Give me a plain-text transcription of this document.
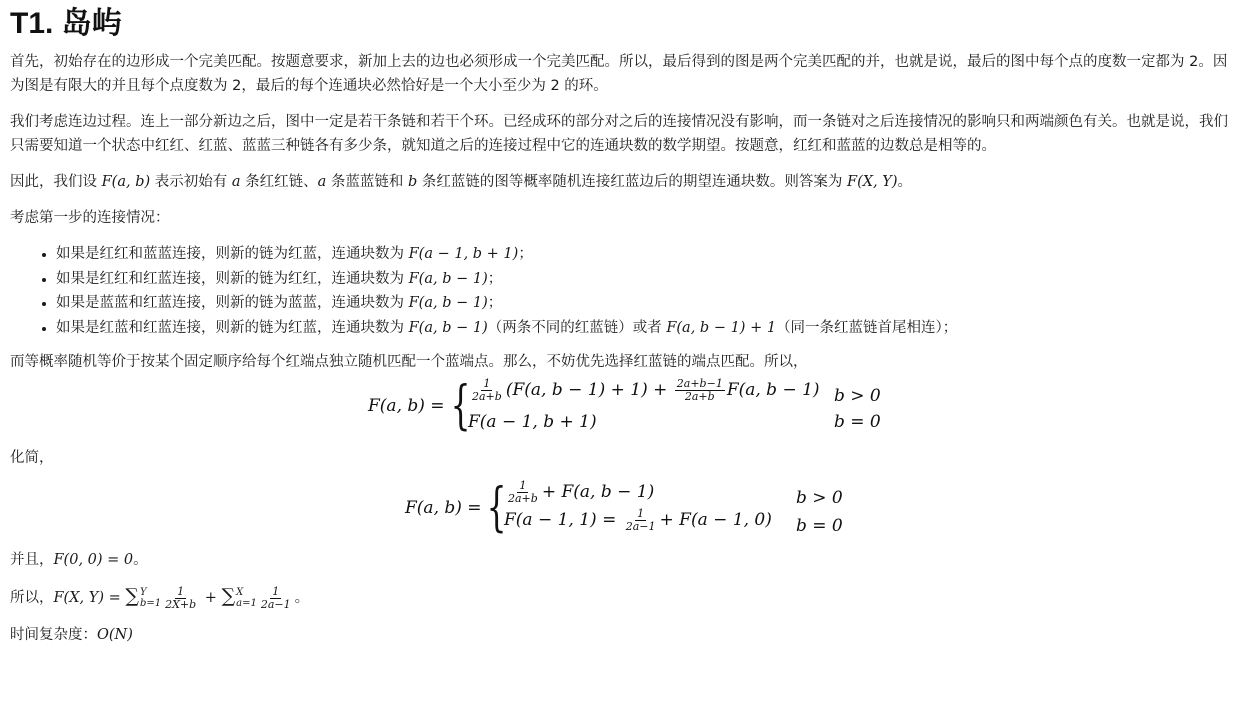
T1. 岛屿

首先，初始存在的边形成一个完美匹配。按题意要求，新加上去的边也必须形成一个完美匹配。所以，最后得到的图是两个完美匹配的并，也就是说，最后的图中每个点的度数一定都为 2。因为图是有限大的并且每个点度数为 2，最后的每个连通块必然恰好是一个大小至少为 2 的环。

我们考虑连边过程。连上一部分新边之后，图中一定是若干条链和若干个环。已经成环的部分对之后的连接情况没有影响，而一条链对之后连接情况的影响只和两端颜色有关。也就是说，我们只需要知道一个状态中红红、红蓝、蓝蓝三种链各有多少条，就知道之后的连接过程中它的连通块数的数学期望。按题意，红红和蓝蓝的边数总是相等的。

因此，我们设 F(a, b) 表示初始有 a 条红红链、a 条蓝蓝链和 b 条红蓝链的图等概率随机连接红蓝边后的期望连通块数。则答案为 F(X, Y)。

考虑第一步的连接情况：

• 如果是红红和蓝蓝连接，则新的链为红蓝，连通块数为 F(a − 1, b + 1)；
• 如果是红红和红蓝连接，则新的链为红红，连通块数为 F(a, b − 1)；
• 如果是蓝蓝和红蓝连接，则新的链为蓝蓝，连通块数为 F(a, b − 1)；
• 如果是红蓝和红蓝连接，则新的链为红蓝，连通块数为 F(a, b − 1)（两条不同的红蓝链）或者 F(a, b − 1) + 1（同一条红蓝链首尾相连）；

而等概率随机等价于按某个固定顺序给每个红端点独立随机匹配一个蓝端点。那么，不妨优先选择红蓝链的端点匹配。所以，

F(a, b) = { $\frac{1}{2a+b} (F(a$, $b - 1) + 1) + \frac{2a+b-1}{2a+b} F(a$, b − 1) b > 0
F(a − 1, b + 1)	b = 0

化简，

F(a, b) = { $\frac{1}{2a+b} + F(a$, b − 1)	b > 0
F(a − 1, $1) = \frac{1}{2a-1} + F(a - 1$, 0) b = 0

并且，F(0, 0) = 0。

所以，F(X, Y) = ∑ Y
$b=1 \frac{1}{2X+b}$ + ∑ X
$a=1 \frac{1}{2a-1}$ 。

时间复杂度：O(N)
